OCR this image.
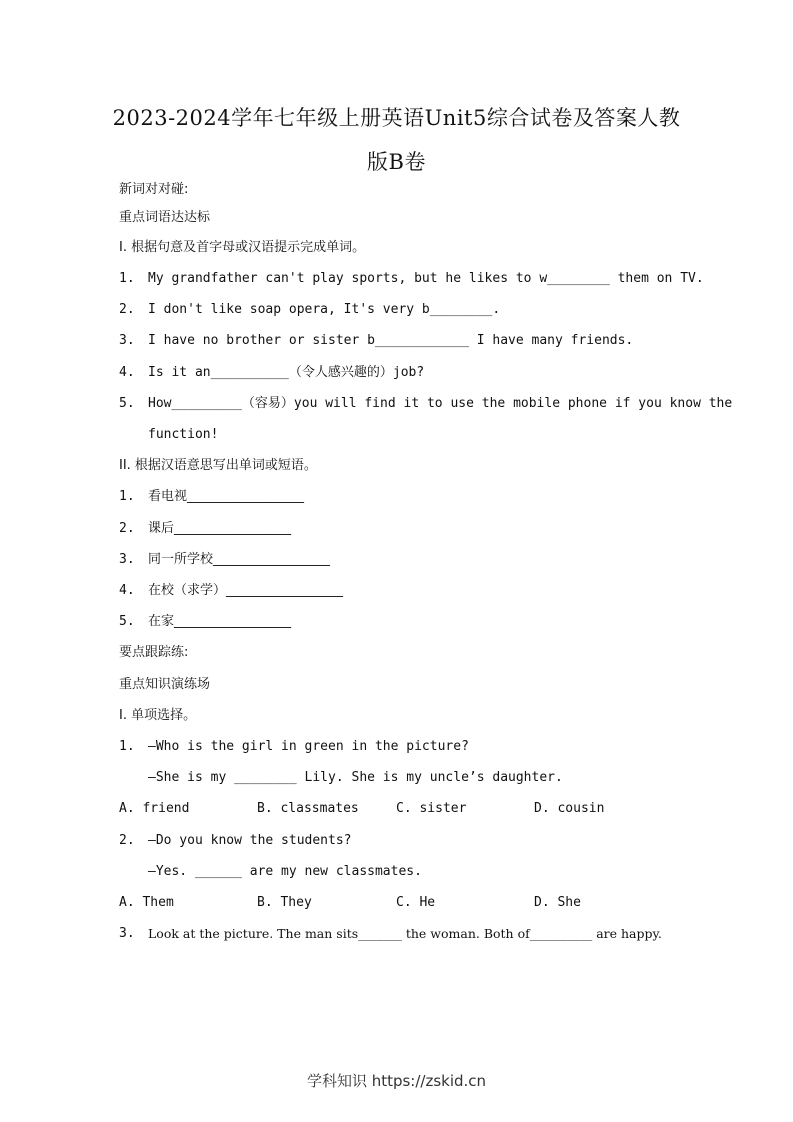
2023-2024学年七年级上册英语Unit5综合试卷及答案人教
版B卷
新词对对碰:
重点词语达达标
I. 根据句意及首字母或汉语提示完成单词。
1. My grandfather can't play sports, but he likes to w________ them on TV.
2. I don't like soap opera, It's very b________.
3. I have no brother or sister b____________ I have many friends.
4. Is it an__________（令人感兴趣的）job?
5. How_________（容易）you will find it to use the mobile phone if you know the
function!
II. 根据汉语意思写出单词或短语。
1. 看电视__________________
2. 课后__________________
3. 同一所学校__________________
4. 在校（求学）__________________
5. 在家__________________
要点跟踪练:
重点知识演练场
I. 单项选择。
1. —Who is the girl in green in the picture?
—She is my ________ Lily. She is my uncle’s daughter.
A. friend	B. classmates	C. sister	D. cousin
2. —Do you know the students?
—Yes. ______ are my new classmates.
A. Them	B. They	C. He	D. She
3. Look at the picture. The man sits_______ the woman. Both of__________ are happy.
学科知识 https://zskid.cn
